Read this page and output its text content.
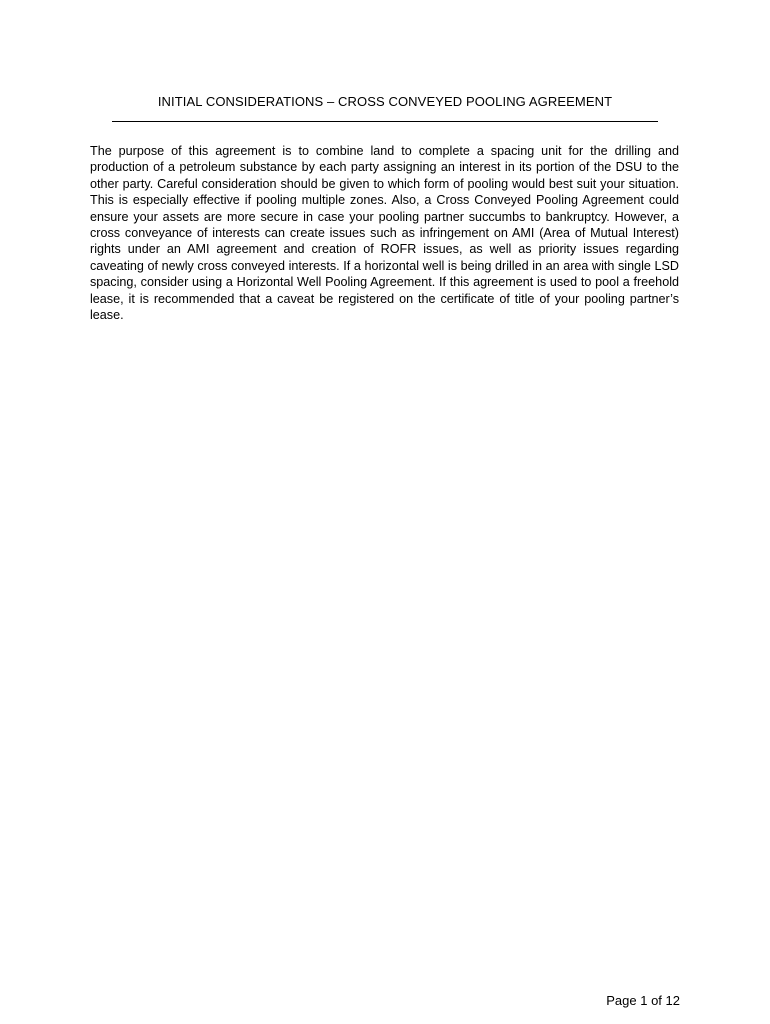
INITIAL CONSIDERATIONS – CROSS CONVEYED POOLING AGREEMENT

The purpose of this agreement is to combine land to complete a spacing unit for the drilling and production of a petroleum substance by each party assigning an interest in its portion of the DSU to the other party. Careful consideration should be given to which form of pooling would best suit your situation. This is especially effective if pooling multiple zones. Also, a Cross Conveyed Pooling Agreement could ensure your assets are more secure in case your pooling partner succumbs to bankruptcy. However, a cross conveyance of interests can create issues such as infringement on AMI (Area of Mutual Interest) rights under an AMI agreement and creation of ROFR issues, as well as priority issues regarding caveating of newly cross conveyed interests. If a horizontal well is being drilled in an area with single LSD spacing, consider using a Horizontal Well Pooling Agreement. If this agreement is used to pool a freehold lease, it is recommended that a caveat be registered on the certificate of title of your pooling partner’s lease.

Page 1 of 12
